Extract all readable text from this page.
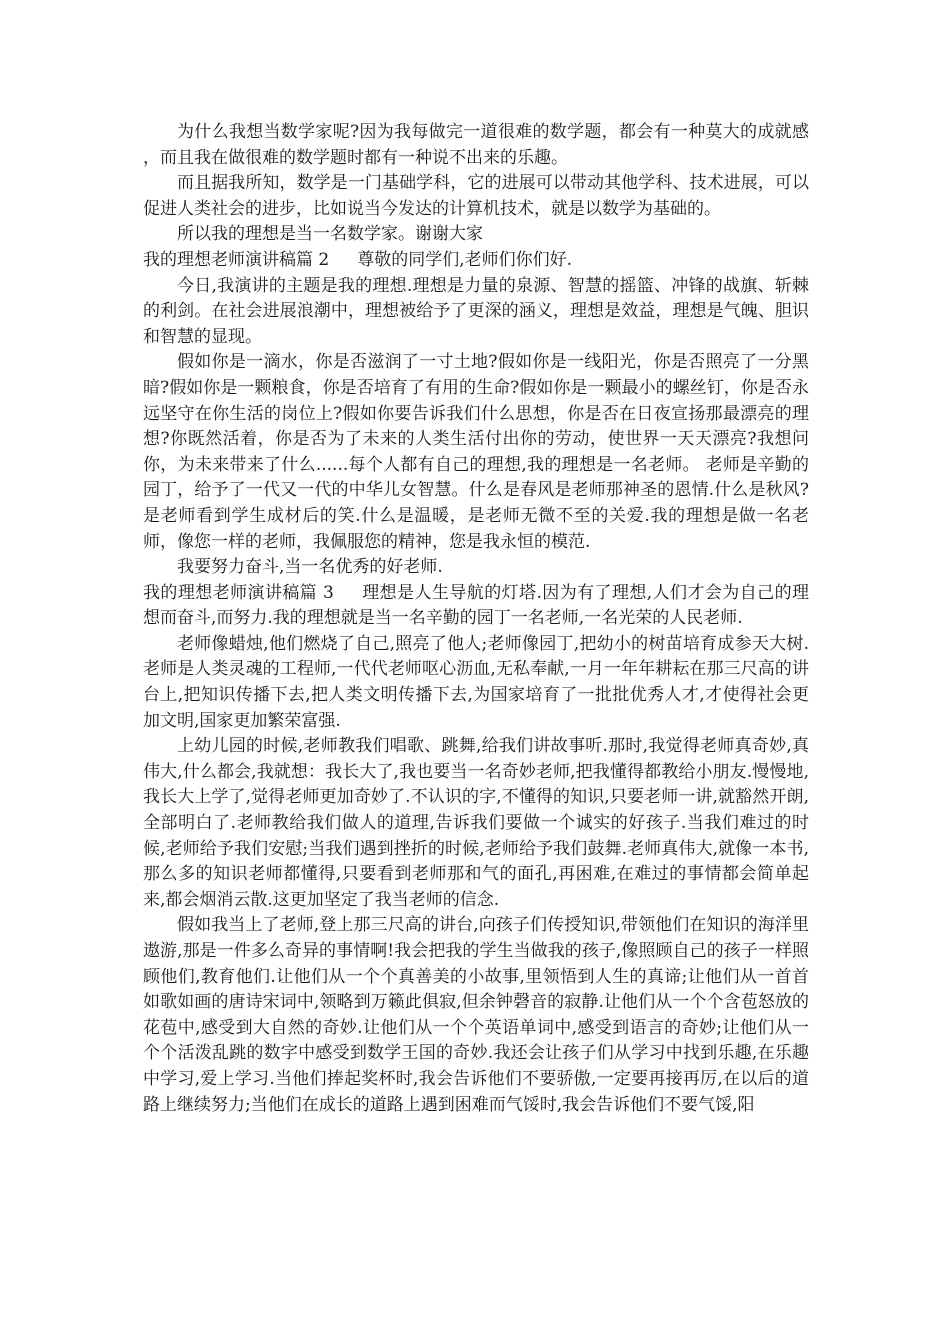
为什么我想当数学家呢?因为我每做完一道很难的数学题，都会有一种莫大的成就感 ，而且我在做很难的数学题时都有一种说不出来的乐趣。

而且据我所知，数学是一门基础学科，它的进展可以带动其他学科、技术进展，可以促进人类社会的进步，比如说当今发达的计算机技术，就是以数学为基础的。

所以我的理想是当一名数学家。谢谢大家

我的理想老师演讲稿篇 2 尊敬的同学们,老师们你们好.

今日,我演讲的主题是我的理想.理想是力量的泉源、智慧的摇篮、冲锋的战旗、斩棘的利剑。在社会进展浪潮中，理想被给予了更深的涵义，理想是效益，理想是气魄、胆识和智慧的显现。

假如你是一滴水，你是否滋润了一寸土地?假如你是一线阳光，你是否照亮了一分黑暗?假如你是一颗粮食，你是否培育了有用的生命?假如你是一颗最小的螺丝钉，你是否永远坚守在你生活的岗位上?假如你要告诉我们什么思想，你是否在日夜宣扬那最漂亮的理想?你既然活着，你是否为了未来的人类生活付出你的劳动，使世界一天天漂亮?我想问你，为未来带来了什么......每个人都有自己的理想,我的理想是一名老师。 老师是辛勤的园丁，给予了一代又一代的中华儿女智慧。什么是春风是老师那神圣的恩情.什么是秋风?是老师看到学生成材后的笑.什么是温暖，是老师无微不至的关爱.我的理想是做一名老师，像您一样的老师，我佩服您的精神，您是我永恒的模范.

我要努力奋斗,当一名优秀的好老师.

我的理想老师演讲稿篇 3 理想是人生导航的灯塔.因为有了理想,人们才会为自己的理想而奋斗,而努力.我的理想就是当一名辛勤的园丁一名老师,一名光荣的人民老师.

老师像蜡烛,他们燃烧了自己,照亮了他人;老师像园丁,把幼小的树苗培育成参天大树.老师是人类灵魂的工程师,一代代老师呕心沥血,无私奉献,一月一年年耕耘在那三尺高的讲台上,把知识传播下去,把人类文明传播下去,为国家培育了一批批优秀人才,才使得社会更加文明,国家更加繁荣富强.

上幼儿园的时候,老师教我们唱歌、跳舞,给我们讲故事听.那时,我觉得老师真奇妙,真伟大,什么都会,我就想：我长大了,我也要当一名奇妙老师,把我懂得都教给小朋友.慢慢地,我长大上学了,觉得老师更加奇妙了.不认识的字,不懂得的知识,只要老师一讲,就豁然开朗,全部明白了.老师教给我们做人的道理,告诉我们要做一个诚实的好孩子.当我们难过的时候,老师给予我们安慰;当我们遇到挫折的时候,老师给予我们鼓舞.老师真伟大,就像一本书,那么多的知识老师都懂得,只要看到老师那和气的面孔,再困难,在难过的事情都会简单起来,都会烟消云散.这更加坚定了我当老师的信念.

假如我当上了老师,登上那三尺高的讲台,向孩子们传授知识,带领他们在知识的海洋里遨游,那是一件多么奇异的事情啊!我会把我的学生当做我的孩子,像照顾自己的孩子一样照顾他们,教育他们.让他们从一个个真善美的小故事,里领悟到人生的真谛;让他们从一首首如歌如画的唐诗宋词中,领略到万籁此俱寂,但余钟磬音的寂静.让他们从一个个含苞怒放的花苞中,感受到大自然的奇妙.让他们从一个个英语单词中,感受到语言的奇妙;让他们从一个个活泼乱跳的数字中感受到数学王国的奇妙.我还会让孩子们从学习中找到乐趣,在乐趣中学习,爱上学习.当他们捧起奖杯时,我会告诉他们不要骄傲,一定要再接再厉,在以后的道路上继续努力;当他们在成长的道路上遇到困难而气馁时,我会告诉他们不要气馁,阳
